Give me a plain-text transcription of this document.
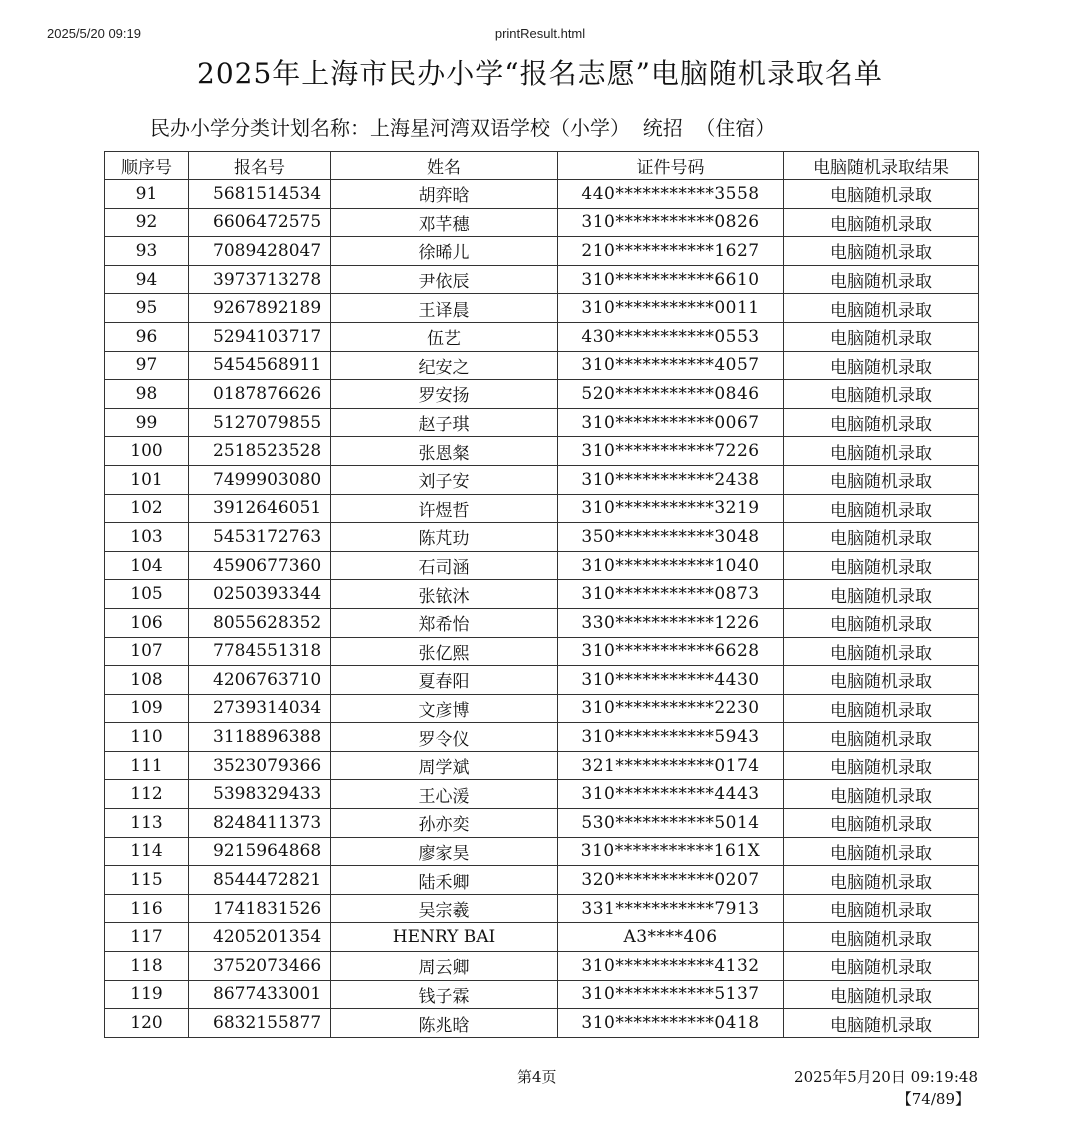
2025/5/20 09:19	printResult.html
2025年上海市民办小学“报名志愿”电脑随机录取名单
民办小学分类计划名称：上海星河湾双语学校（小学）  统招  （住宿）
顺序号	报名号	姓名	证件号码	电脑随机录取结果
91	5681514534	胡弈晗	440***********3558	电脑随机录取
92	6606472575	邓芊穗	310***********0826	电脑随机录取
93	7089428047	徐晞儿	210***********1627	电脑随机录取
94	3973713278	尹依辰	310***********6610	电脑随机录取
95	9267892189	王译晨	310***********0011	电脑随机录取
96	5294103717	伍艺	430***********0553	电脑随机录取
97	5454568911	纪安之	310***********4057	电脑随机录取
98	0187876626	罗安扬	520***********0846	电脑随机录取
99	5127079855	赵子琪	310***********0067	电脑随机录取
100	2518523528	张恩粲	310***********7226	电脑随机录取
101	7499903080	刘子安	310***********2438	电脑随机录取
102	3912646051	许煜哲	310***********3219	电脑随机录取
103	5453172763	陈芃玏	350***********3048	电脑随机录取
104	4590677360	石司涵	310***********1040	电脑随机录取
105	0250393344	张铱沐	310***********0873	电脑随机录取
106	8055628352	郑希怡	330***********1226	电脑随机录取
107	7784551318	张亿熙	310***********6628	电脑随机录取
108	4206763710	夏春阳	310***********4430	电脑随机录取
109	2739314034	文彦博	310***********2230	电脑随机录取
110	3118896388	罗令仪	310***********5943	电脑随机录取
111	3523079366	周学斌	321***********0174	电脑随机录取
112	5398329433	王心湲	310***********4443	电脑随机录取
113	8248411373	孙亦奕	530***********5014	电脑随机录取
114	9215964868	廖家昊	310***********161X	电脑随机录取
115	8544472821	陆禾卿	320***********0207	电脑随机录取
116	1741831526	吴宗羲	331***********7913	电脑随机录取
117	4205201354	HENRY BAI	A3****406	电脑随机录取
118	3752073466	周云卿	310***********4132	电脑随机录取
119	8677433001	钱子霖	310***********5137	电脑随机录取
120	6832155877	陈兆晗	310***********0418	电脑随机录取
第4页	2025年5月20日 09:19:48
【74/89】
